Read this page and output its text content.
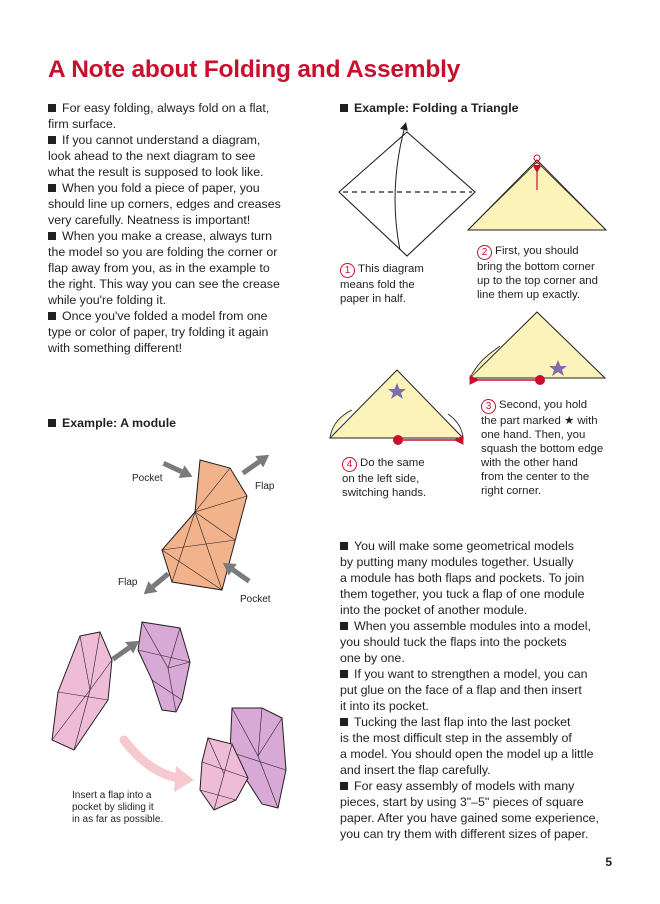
A Note about Folding and Assembly

For easy folding, always fold on a flat,
firm surface.

If you cannot understand a diagram,
look ahead to the next diagram to see
what the result is supposed to look like.

When you fold a piece of paper, you
should line up corners, edges and creases
very carefully. Neatness is important!

When you make a crease, always turn
the model so you are folding the corner or
flap away from you, as in the example to
the right. This way you can see the crease
while you're folding it.

Once you've folded a model from one
type or color of paper, try folding it again
with something different!

Example: Folding a Triangle
Example: A module

1 This diagram

means fold the

paper in half.

2 First, you should

bring the bottom corner

up to the top corner and

line them up exactly.

3 Second, you hold

the part marked ★ with

one hand. Then, you

squash the bottom edge

with the other hand

from the center to the

right corner.

4 Do the same

on the left side,

switching hands.

Pocket
Flap
Flap
Pocket

Insert a flap into a

pocket by sliding it

in as far as possible.

You will make some geometrical models
by putting many modules together. Usually
a module has both flaps and pockets. To join
them together, you tuck a flap of one module
into the pocket of another module.

When you assemble modules into a model,
you should tuck the flaps into the pockets
one by one.

If you want to strengthen a model, you can
put glue on the face of a flap and then insert
it into its pocket.

Tucking the last flap into the last pocket
is the most difficult step in the assembly of
a model. You should open the model up a little
and insert the flap carefully.

For easy assembly of models with many
pieces, start by using 3"–5" pieces of square
paper. After you have gained some experience,
you can try them with different sizes of paper.

5
